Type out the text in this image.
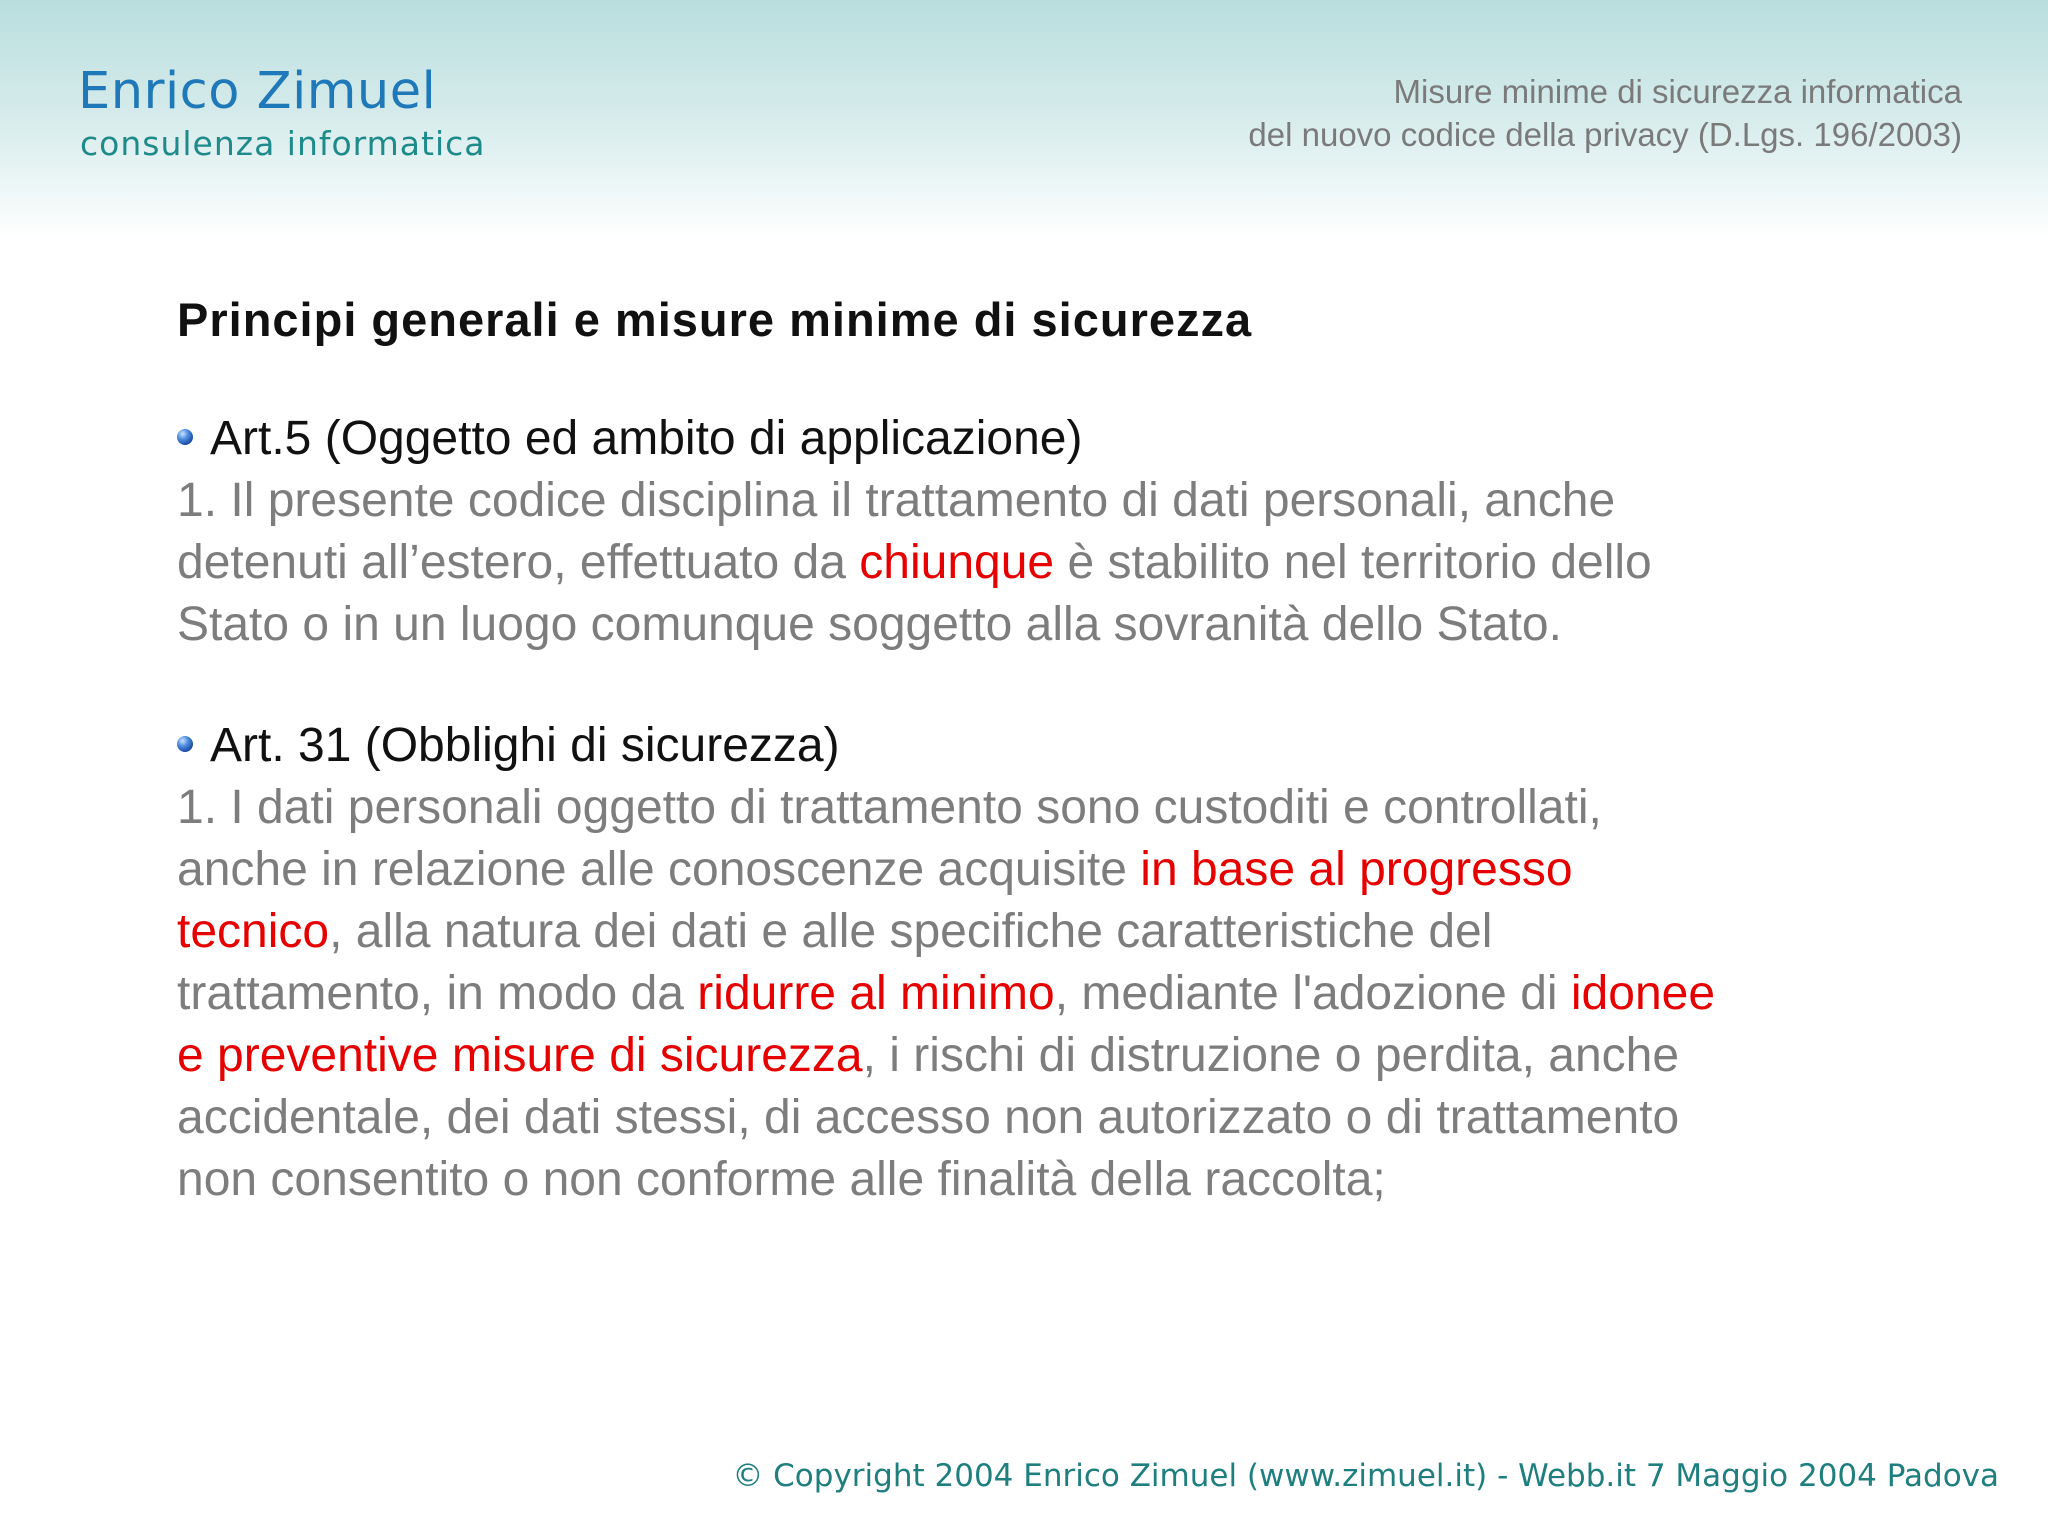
Enrico Zimuel
consulenza informatica
Misure minime di sicurezza informatica
del nuovo codice della privacy (D.Lgs. 196/2003)
Principi generali e misure minime di sicurezza
Art.5 (Oggetto ed ambito di applicazione)

1. Il presente codice disciplina il trattamento di dati personali, anche

detenuti all’estero, effettuato da chiunque è stabilito nel territorio dello

Stato o in un luogo comunque soggetto alla sovranità dello Stato.

Art. 31 (Obblighi di sicurezza)

1. I dati personali oggetto di trattamento sono custoditi e controllati,

anche in relazione alle conoscenze acquisite in base al progresso

tecnico, alla natura dei dati e alle specifiche caratteristiche del

trattamento, in modo da ridurre al minimo, mediante l'adozione di idonee

e preventive misure di sicurezza, i rischi di distruzione o perdita, anche

accidentale, dei dati stessi, di accesso non autorizzato o di trattamento

non consentito o non conforme alle finalità della raccolta;

© Copyright 2004 Enrico Zimuel (www.zimuel.it) - Webb.it 7 Maggio 2004 Padova
